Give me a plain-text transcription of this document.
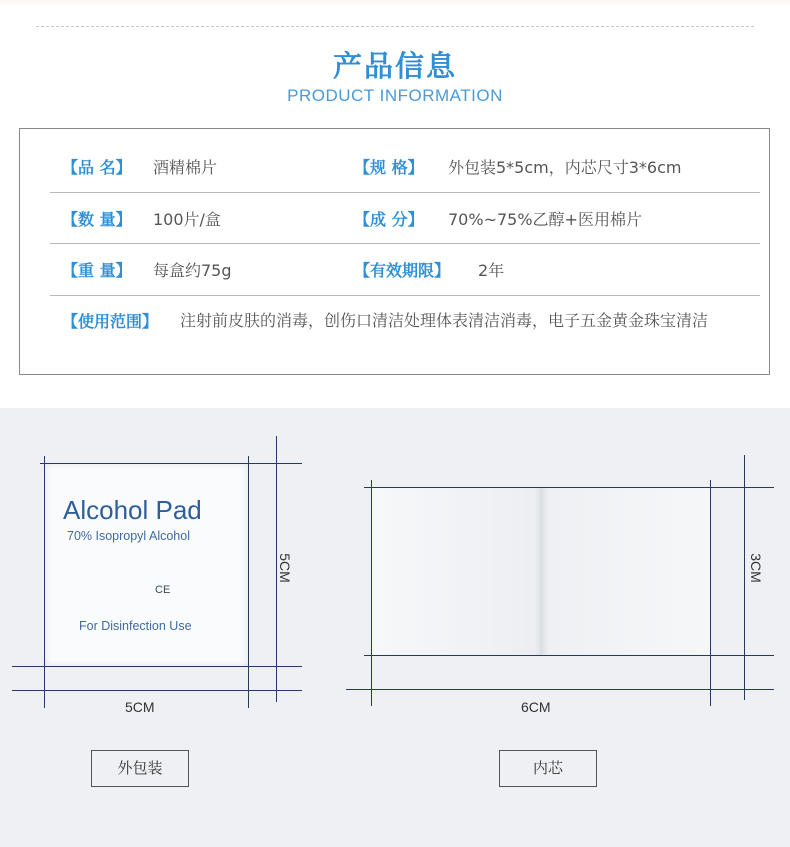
产品信息
PRODUCT INFORMATION
【品 名】 酒精棉片	【规 格】 外包装5*5cm，内芯尺寸3*6cm
【数 量】 100片/盒	【成 分】 70%~75%乙醇+医用棉片
【重 量】 每盒约75g	【有效期限】 2年
【使用范围】 注射前皮肤的消毒，创伤口清洁处理体表清洁消毒，电子五金黄金珠宝清洁
Alcohol Pad
70% Isopropyl Alcohol
CE
For Disinfection Use
5CM
5CM
6CM
3CM
外包装	内芯
